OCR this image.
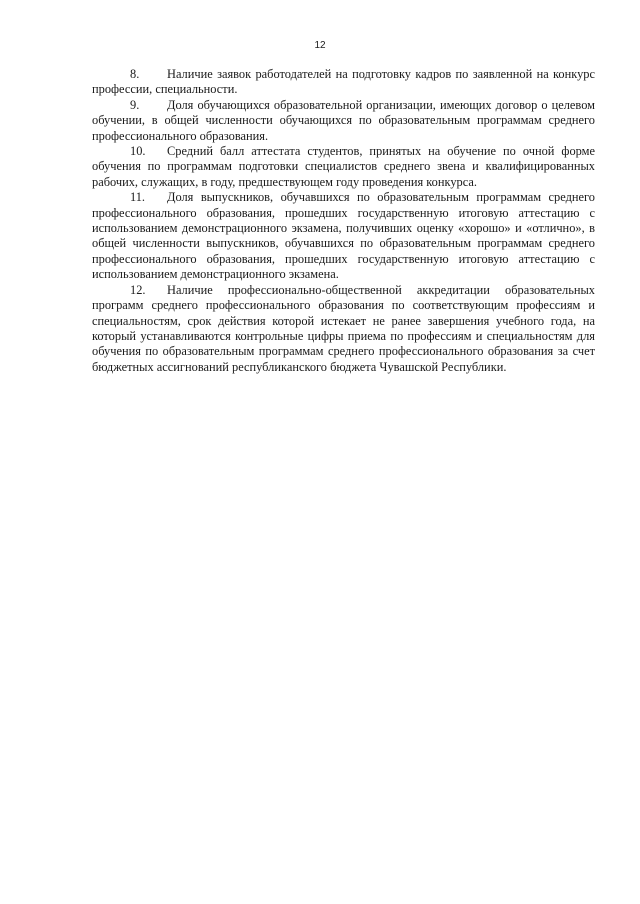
12

8. Наличие заявок работодателей на подготовку кадров по заявленной на конкурс профессии, специальности.

9. Доля обучающихся образовательной организации, имеющих договор о целевом обучении, в общей численности обучающихся по образовательным программам среднего профессионального образования.

10. Средний балл аттестата студентов, принятых на обучение по очной форме обучения по программам подготовки специалистов среднего звена и квалифицированных рабочих, служащих, в году, предшествующем году проведения конкурса.

11. Доля выпускников, обучавшихся по образовательным программам среднего профессионального образования, прошедших государственную итоговую аттестацию с использованием демонстрационного экзамена, получивших оценку «хорошо» и «отлично», в общей численности выпускников, обучавшихся по образовательным программам среднего профессионального образования, прошедших государственную итоговую аттестацию с использованием демонстрационного экзамена.

12. Наличие профессионально-общественной аккредитации образовательных программ среднего профессионального образования по соответствующим профессиям и специальностям, срок действия которой истекает не ранее завершения учебного года, на который устанавливаются контрольные цифры приема по профессиям и специальностям для обучения по образовательным программам среднего профессионального образования за счет бюджетных ассигнований республиканского бюджета Чувашской Республики.
